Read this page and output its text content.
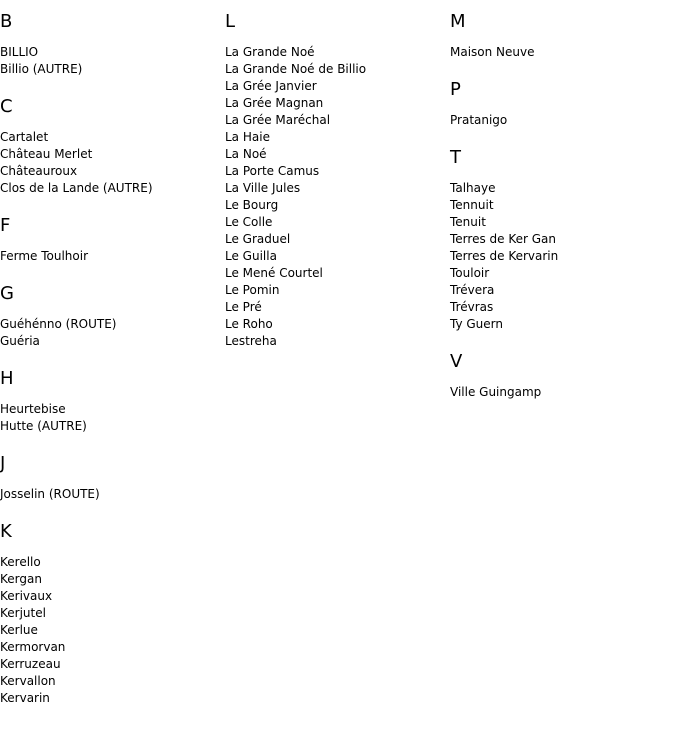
B
BILLIO
Billio (AUTRE)
C
Cartalet
Château Merlet
Châteauroux
Clos de la Lande (AUTRE)
F
Ferme Toulhoir
G
Guéhénno (ROUTE)
Guéria
H
Heurtebise
Hutte (AUTRE)
J
Josselin (ROUTE)
K
Kerello
Kergan
Kerivaux
Kerjutel
Kerlue
Kermorvan
Kerruzeau
Kervallon
Kervarin
L
La Grande Noé
La Grande Noé de Billio
La Grée Janvier
La Grée Magnan
La Grée Maréchal
La Haie
La Noé
La Porte Camus
La Ville Jules
Le Bourg
Le Colle
Le Graduel
Le Guilla
Le Mené Courtel
Le Pomin
Le Pré
Le Roho
Lestreha
M
Maison Neuve
P
Pratanigo
T
Talhaye
Tennuit
Tenuit
Terres de Ker Gan
Terres de Kervarin
Touloir
Trévera
Trévras
Ty Guern
V
Ville Guingamp
